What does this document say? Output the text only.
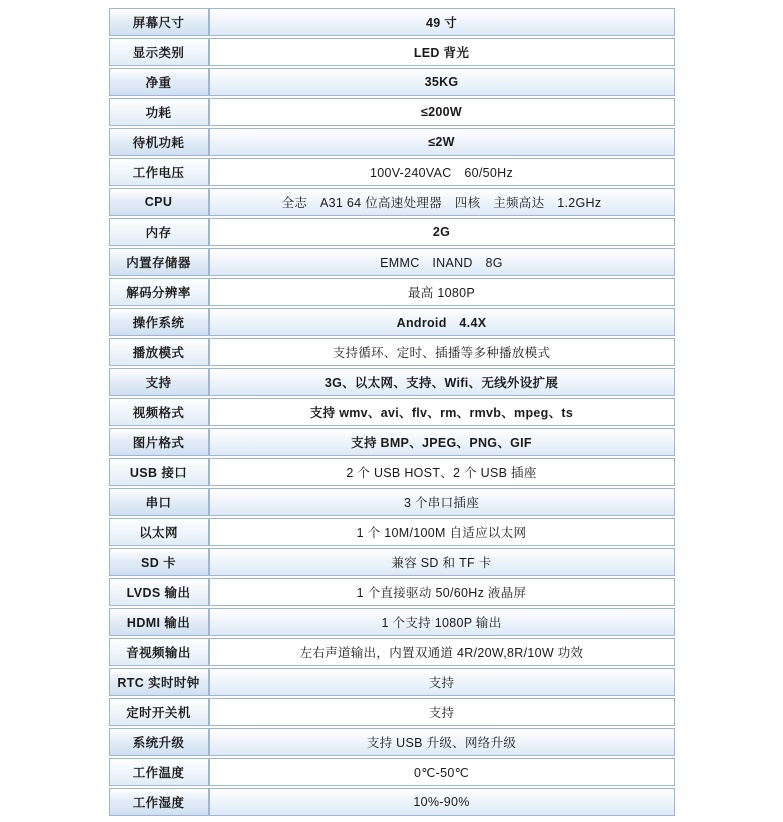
屏幕尺寸	49 寸
显示类别	LED 背光
净重	35KG
功耗	≤200W
待机功耗	≤2W
工作电压	100V-240VAC　60/50Hz
CPU	全志　A31 64 位高速处理器　四核　主频高达　1.2GHz
内存	2G
内置存储器	EMMC　INAND　8G
解码分辨率	最高 1080P
操作系统	Android　4.4X
播放模式	支持循环、定时、插播等多种播放模式
支持	3G、以太网、支持、Wifi、无线外设扩展
视频格式	支持 wmv、avi、flv、rm、rmvb、mpeg、ts
图片格式	支持 BMP、JPEG、PNG、GIF
USB 接口	2 个 USB HOST、2 个 USB 插座
串口	3 个串口插座
以太网	1 个 10M/100M 自适应以太网
SD 卡	兼容 SD 和 TF 卡
LVDS 输出	1 个直接驱动 50/60Hz 液晶屏
HDMI 输出	1 个支持 1080P 输出
音视频输出	左右声道输出，内置双通道 4R/20W,8R/10W 功效
RTC 实时时钟	支持
定时开关机	支持
系统升级	支持 USB 升级、网络升级
工作温度	0℃-50℃
工作湿度	10%-90%
